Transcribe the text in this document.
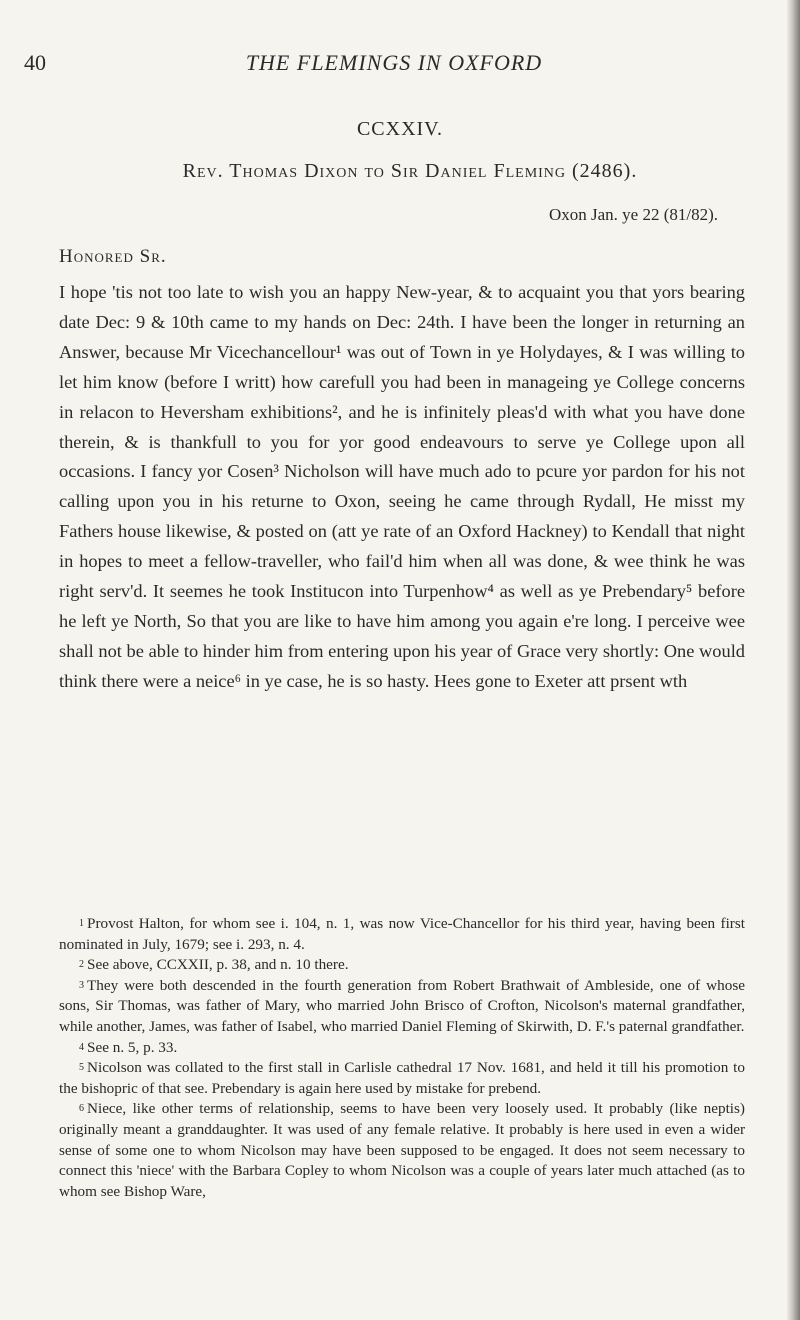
40	THE FLEMINGS IN OXFORD
CCXXIV.
Rev. Thomas Dixon to Sir Daniel Fleming (2486).
Oxon Jan. ye 22 (81/82).
Honored Sr.

I hope 'tis not too late to wish you an happy New-year, & to acquaint you that yors bearing date Dec: 9 & 10th came to my hands on Dec: 24th. I have been the longer in returning an Answer, because Mr Vicechancellour¹ was out of Town in ye Holydayes, & I was willing to let him know (before I writt) how carefull you had been in manageing ye College concerns in relacon to Heversham exhibitions², and he is infinitely pleas'd with what you have done therein, & is thankfull to you for yor good endeavours to serve ye College upon all occasions. I fancy yor Cosen³ Nicholson will have much ado to pcure yor pardon for his not calling upon you in his returne to Oxon, seeing he came through Rydall, He misst my Fathers house likewise, & posted on (att ye rate of an Oxford Hackney) to Kendall that night in hopes to meet a fellow-traveller, who fail'd him when all was done, & wee think he was right serv'd. It seemes he took Institucon into Turpenhow⁴ as well as ye Prebendary⁵ before he left ye North, So that you are like to have him among you again e're long. I perceive wee shall not be able to hinder him from entering upon his year of Grace very shortly: One would think there were a neice⁶ in ye case, he is so hasty. Hees gone to Exeter att prsent wth

$^1$ Provost Halton, for whom see i. 104, n. 1, was now Vice-Chancellor for his third year, having been first nominated in July, 1679; see i. 293, n. 4.

$^2$ See above, CCXXII, p. 38, and n. 10 there.

$^3$ They were both descended in the fourth generation from Robert Brathwait of Ambleside, one of whose sons, Sir Thomas, was father of Mary, who married John Brisco of Crofton, Nicolson's maternal grandfather, while another, James, was father of Isabel, who married Daniel Fleming of Skirwith, D. F.'s paternal grandfather.

$^4$ See n. 5, p. 33.

$^5$ Nicolson was collated to the first stall in Carlisle cathedral 17 Nov. 1681, and held it till his promotion to the bishopric of that see. Prebendary is again here used by mistake for prebend.

$^6$ Niece, like other terms of relationship, seems to have been very loosely used. It probably (like neptis) originally meant a granddaughter. It was used of any female relative. It probably is here used in even a wider sense of some one to whom Nicolson may have been supposed to be engaged. It does not seem necessary to connect this 'niece' with the Barbara Copley to whom Nicolson was a couple of years later much attached (as to whom see Bishop Ware,
